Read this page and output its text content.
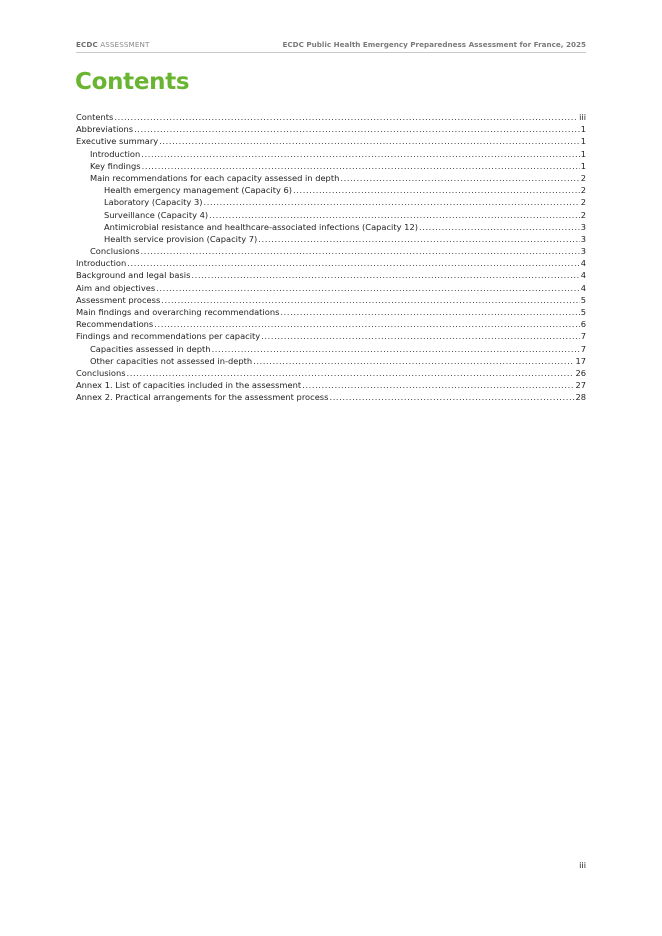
ECDC ASSESSMENT	ECDC Public Health Emergency Preparedness Assessment for France, 2025
Contents
Contents .....	iii
Abbreviations .....	1
Executive summary .....	1
Introduction .....	1
Key findings .....	1
Main recommendations for each capacity assessed in depth .....	2
Health emergency management (Capacity 6) .....	2
Laboratory (Capacity 3) .....	2
Surveillance (Capacity 4) .....	2
Antimicrobial resistance and healthcare-associated infections (Capacity 12) .....	3
Health service provision (Capacity 7) .....	3
Conclusions .....	3
Introduction .....	4
Background and legal basis .....	4
Aim and objectives .....	4
Assessment process .....	5
Main findings and overarching recommendations .....	5
Recommendations .....	6
Findings and recommendations per capacity .....	7
Capacities assessed in depth .....	7
Other capacities not assessed in-depth .....	17
Conclusions .....	26
Annex 1. List of capacities included in the assessment .....	27
Annex 2. Practical arrangements for the assessment process .....	28
iii
